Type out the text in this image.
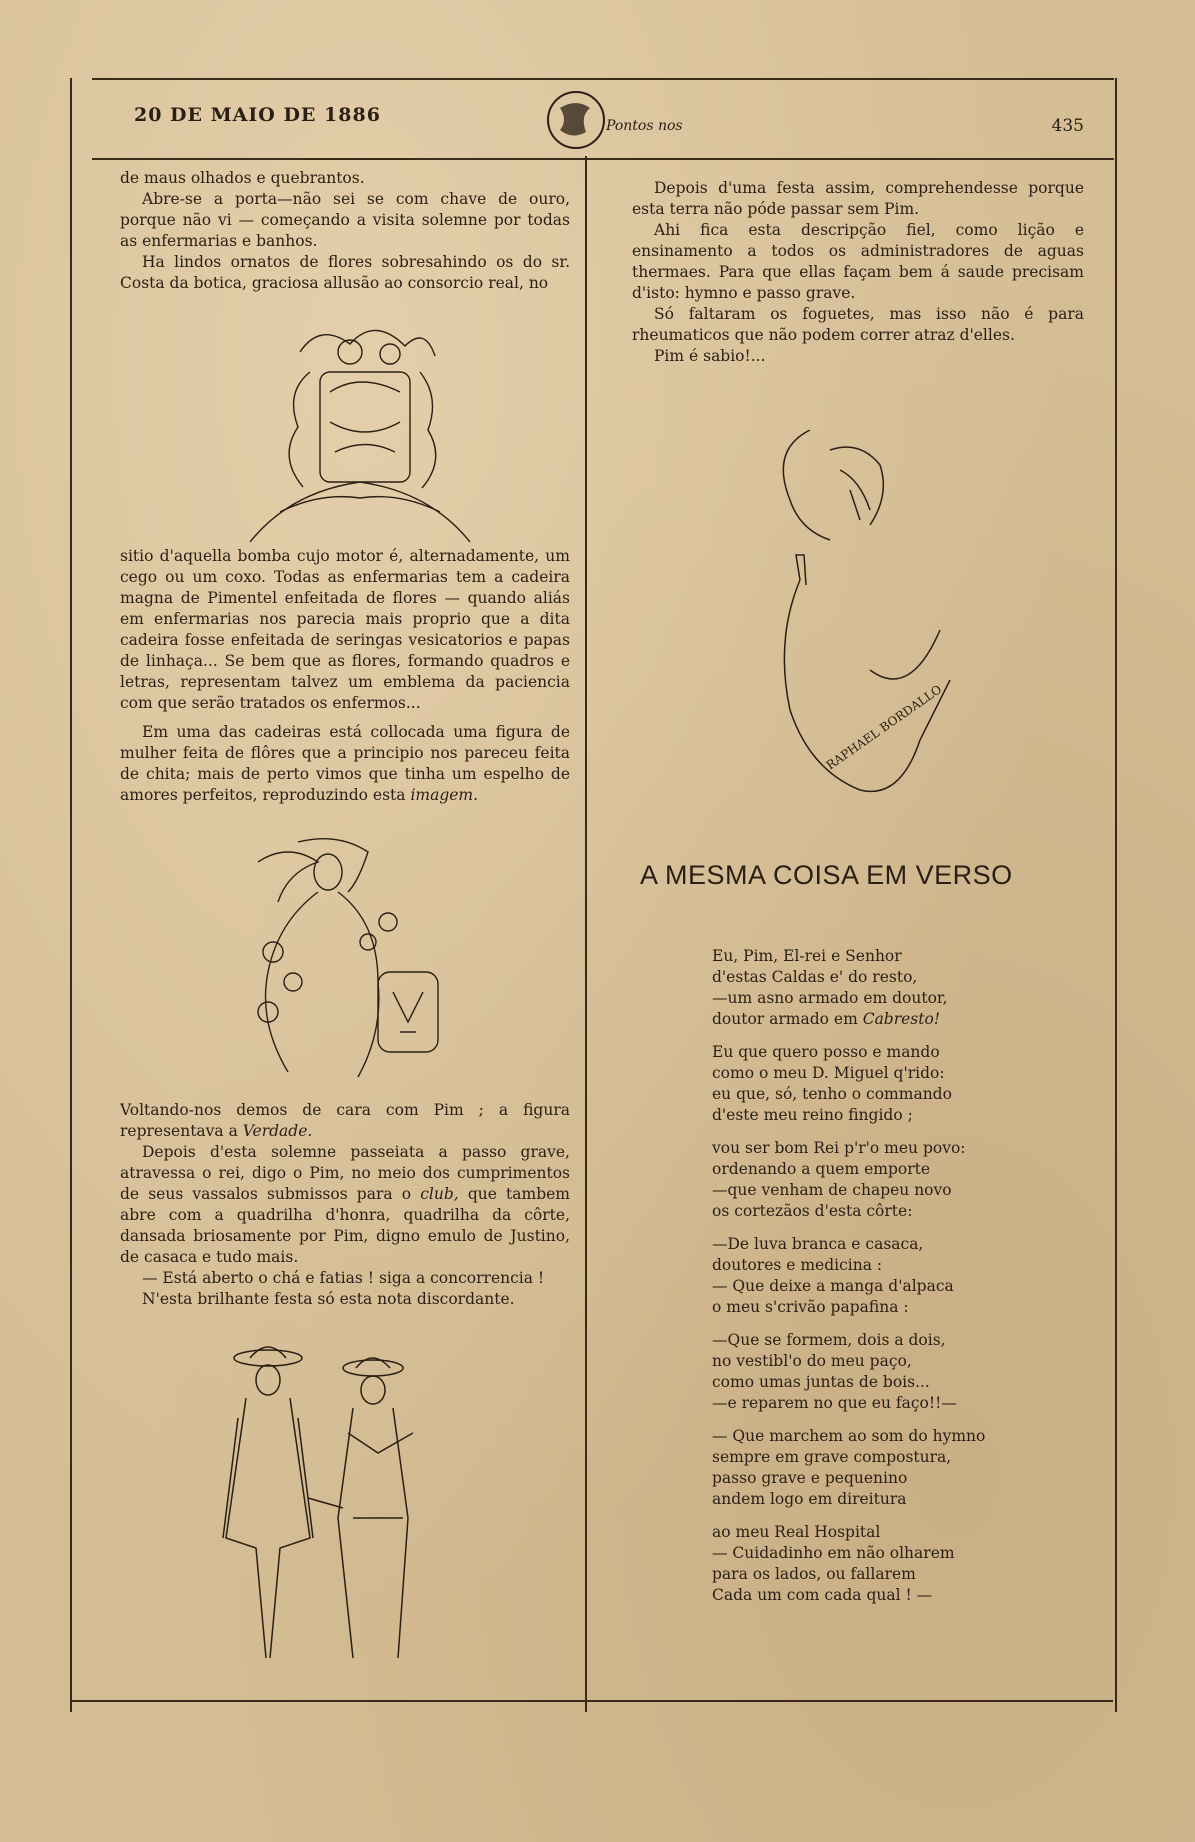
20 DE MAIO DE 1886	Pontos nos ii	435

de maus olhados e quebrantos.

Abre-se a porta—não sei se com chave de ouro, porque não vi — começando a visita solemne por todas as enfermarias e banhos.

Ha lindos ornatos de flores sobresahindo os do sr. Costa da botica, graciosa allusão ao consorcio real, no

sitio d'aquella bomba cujo motor é, alternadamente, um cego ou um coxo. Todas as enfermarias tem a cadeira magna de Pimentel enfeitada de flores — quando aliás em enfermarias nos parecia mais proprio que a dita cadeira fosse enfeitada de seringas vesicatorios e papas de linhaça... Se bem que as flores, formando quadros e letras, representam talvez um emblema da paciencia com que serão tratados os enfermos...

Em uma das cadeiras está collocada uma figura de mulher feita de flôres que a principio nos pareceu feita de chita; mais de perto vimos que tinha um espelho de amores perfeitos, reproduzindo esta imagem.

Voltando-nos demos de cara com Pim ; a figura representava a Verdade.

Depois d'esta solemne passeiata a passo grave, atravessa o rei, digo o Pim, no meio dos cumprimentos de seus vassalos submissos para o club, que tambem abre com a quadrilha d'honra, quadrilha da côrte, dansada briosamente por Pim, digno emulo de Justino, de casaca e tudo mais.

— Está aberto o chá e fatias ! siga a concorrencia !

N'esta brilhante festa só esta nota discordante.

Depois d'uma festa assim, comprehendesse porque esta terra não póde passar sem Pim.

Ahi fica esta descripção fiel, como lição e ensinamento a todos os administradores de aguas thermaes. Para que ellas façam bem á saude precisam d'isto: hymno e passo grave.

Só faltaram os foguetes, mas isso não é para rheumaticos que não podem correr atraz d'elles.

Pim é sabio!...

RAPHAEL BORDALLO
A MESMA COISA EM VERSO
Eu, Pim, El-rei e Senhor
d'estas Caldas e' do resto,
—um asno armado em doutor,
doutor armado em Cabresto!
Eu que quero posso e mando
como o meu D. Miguel q'rido:
eu que, só, tenho o commando
d'este meu reino fingido ;
vou ser bom Rei p'r'o meu povo:
ordenando a quem emporte
—que venham de chapeu novo
os cortezãos d'esta côrte:
—De luva branca e casaca,
doutores e medicina :
— Que deixe a manga d'alpaca
o meu s'crivão papafina :
—Que se formem, dois a dois,
no vestibl'o do meu paço,
como umas juntas de bois...
—e reparem no que eu faço!!—
— Que marchem ao som do hymno
sempre em grave compostura,
passo grave e pequenino
andem logo em direitura
ao meu Real Hospital
— Cuidadinho em não olharem
para os lados, ou fallarem
Cada um com cada qual ! —
